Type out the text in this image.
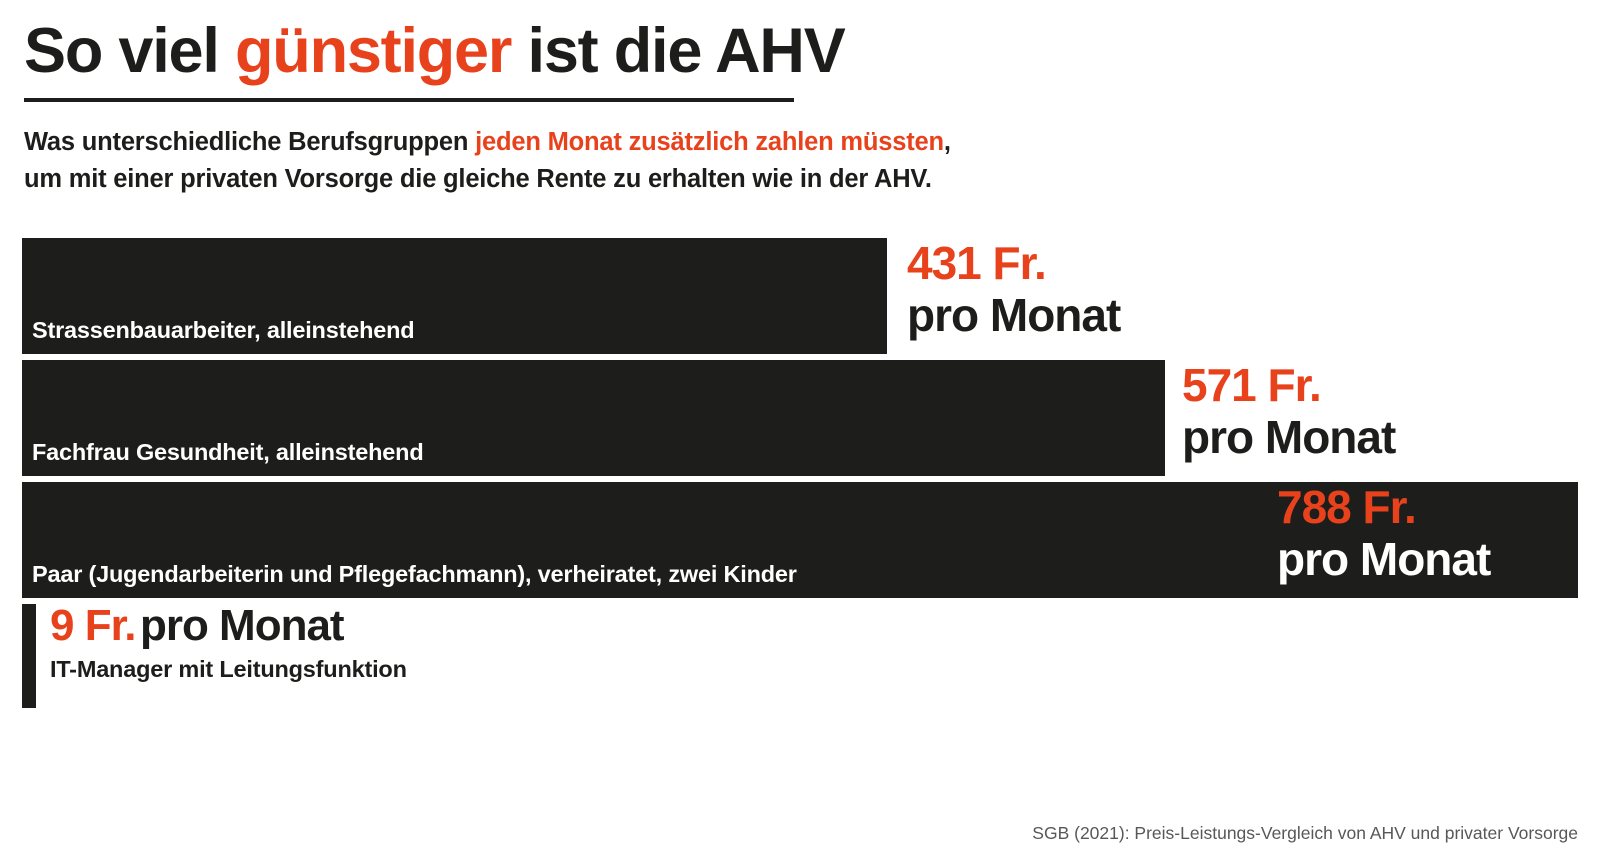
So viel günstiger ist die AHV

Was unterschiedliche Berufsgruppen jeden Monat zusätzlich zahlen müssten,
um mit einer privaten Vorsorge die gleiche Rente zu erhalten wie in der AHV.

Strassenbauarbeiter, alleinstehend
431 Fr.
pro Monat
Fachfrau Gesundheit, alleinstehend
571 Fr.
pro Monat
Paar (Jugendarbeiterin und Pflegefachmann), verheiratet, zwei Kinder
788 Fr.
pro Monat
9 Fr. pro Monat
IT-Manager mit Leitungsfunktion
SGB (2021): Preis-Leistungs-Vergleich von AHV und privater Vorsorge
